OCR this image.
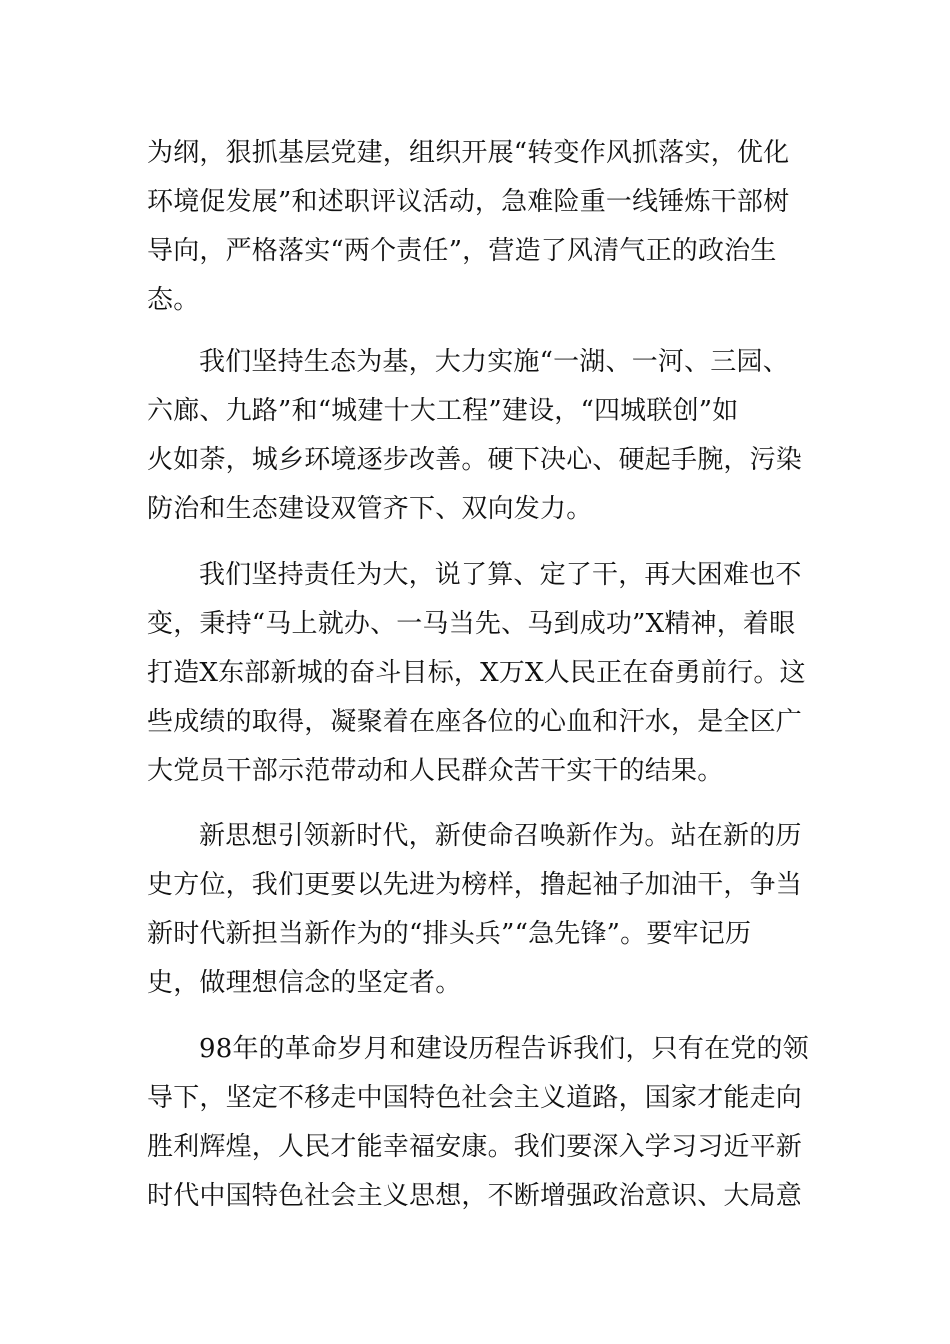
为纲，狠抓基层党建，组织开展“转变作风抓落实，优化
环境促发展”和述职评议活动，急难险重一线锤炼干部树
导向，严格落实“两个责任”，营造了风清气正的政治生
态。
我们坚持生态为基，大力实施“一湖、一河、三园、
六廊、九路”和“城建十大工程”建设，“四城联创”如
火如荼，城乡环境逐步改善。硬下决心、硬起手腕，污染
防治和生态建设双管齐下、双向发力。
我们坚持责任为大，说了算、定了干，再大困难也不
变，秉持“马上就办、一马当先、马到成功”X精神，着眼
打造X东部新城的奋斗目标，X万X人民正在奋勇前行。这
些成绩的取得，凝聚着在座各位的心血和汗水，是全区广
大党员干部示范带动和人民群众苦干实干的结果。
新思想引领新时代，新使命召唤新作为。站在新的历
史方位，我们更要以先进为榜样，撸起袖子加油干，争当
新时代新担当新作为的“排头兵”“急先锋”。要牢记历
史，做理想信念的坚定者。
98年的革命岁月和建设历程告诉我们，只有在党的领
导下，坚定不移走中国特色社会主义道路，国家才能走向
胜利辉煌，人民才能幸福安康。我们要深入学习习近平新
时代中国特色社会主义思想，不断增强政治意识、大局意
